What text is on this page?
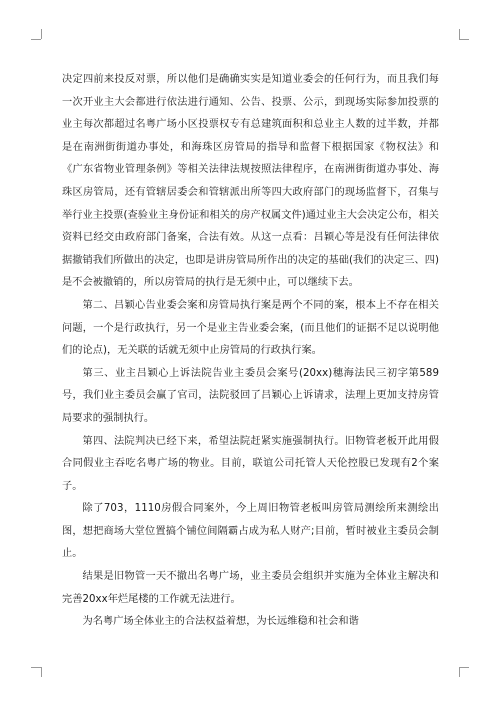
决定四前来投反对票，所以他们是确确实实是知道业委会的任何行为，而且我们每一次开业主大会都进行依法进行通知、公告、投票、公示，到现场实际参加投票的业主每次都超过名粤广场小区投票权专有总建筑面积和总业主人数的过半数，并都是在南洲街街道办事处，和海珠区房管局的指导和监督下根据国家《物权法》和《广东省物业管理条例》等相关法律法规按照法律程序，在南洲街街道办事处、海珠区房管局，还有管辖居委会和管辖派出所等四大政府部门的现场监督下，召集与举行业主投票(查验业主身份证和相关的房产权属文件)通过业主大会决定公布，相关资料已经交由政府部门备案，合法有效。从这一点看：吕颖心等是没有任何法律依据撤销我们所做出的决定，也即是讲房管局所作出的决定的基础(我们的决定三、四)是不会被撤销的，所以房管局的执行是无须中止，可以继续下去。

第二、吕颖心告业委会案和房管局执行案是两个不同的案，根本上不存在相关问题，一个是行政执行，另一个是业主告业委会案，(而且他们的证据不足以说明他们的论点)，无关联的话就无须中止房管局的行政执行案。

第三、业主吕颖心上诉法院告业主委员会案号(20xx)穗海法民三初字第589号，我们业主委员会赢了官司，法院驳回了吕颖心上诉请求，法理上更加支持房管局要求的强制执行。

第四、法院判决已经下来，希望法院赶紧实施强制执行。旧物管老板开此用假合同假业主吞吃名粤广场的物业。目前，联谊公司托管人天伦控股已发现有2个案子。

除了703，1110房假合同案外，今上周旧物管老板叫房管局测绘所来测绘出图，想把商场大堂位置搞个铺位间隔霸占成为私人财产;目前，暂时被业主委员会制止。

结果是旧物管一天不撤出名粤广场，业主委员会组织并实施为全体业主解决和完善20xx年烂尾楼的工作就无法进行。

为名粤广场全体业主的合法权益着想，为长远维稳和社会和谐
